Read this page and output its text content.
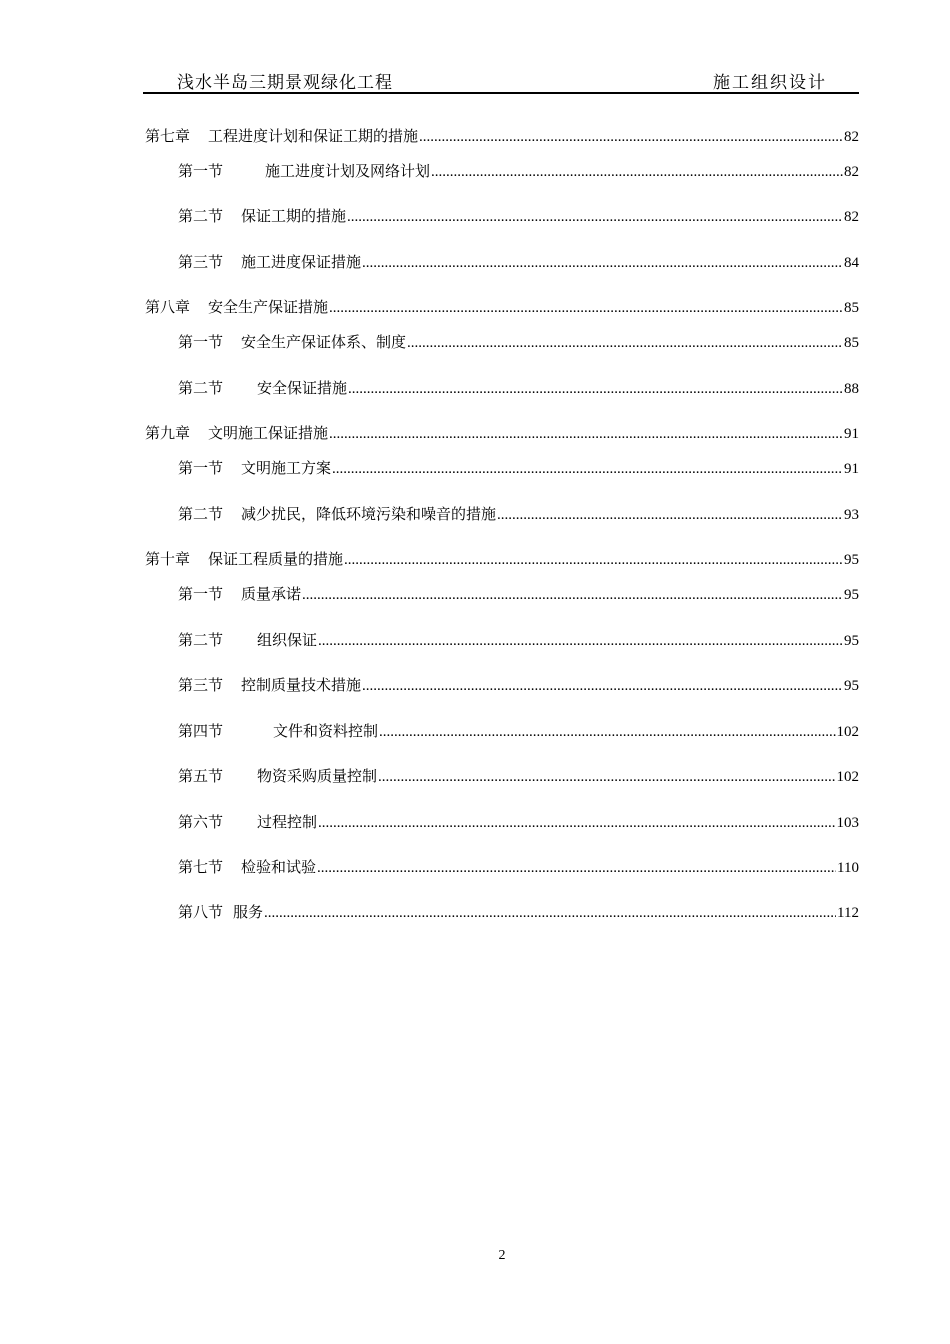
浅水半岛三期景观绿化工程	施工组织设计
第七章 工程进度计划和保证工期的措施 .....	82
第一节	施工进度计划及网络计划 .....	82
第二节 保证工期的措施 .....	82
第三节 施工进度保证措施 .....	84
第八章 安全生产保证措施 .....	85
第一节 安全生产保证体系、制度 .....	85
第二节 安全保证措施 .....	88
第九章 文明施工保证措施 .....	91
第一节 文明施工方案 .....	91
第二节 减少扰民，降低环境污染和噪音的措施 .....	93
第十章 保证工程质量的措施 .....	95
第一节 质量承诺 .....	95
第二节 组织保证 .....	95
第三节 控制质量技术措施 .....	95
第四节	文件和资料控制 .....	102
第五节 物资采购质量控制 .....	102
第六节 过程控制 .....	103
第七节 检验和试验 .....	110
第八节 服务 .....	112
2
